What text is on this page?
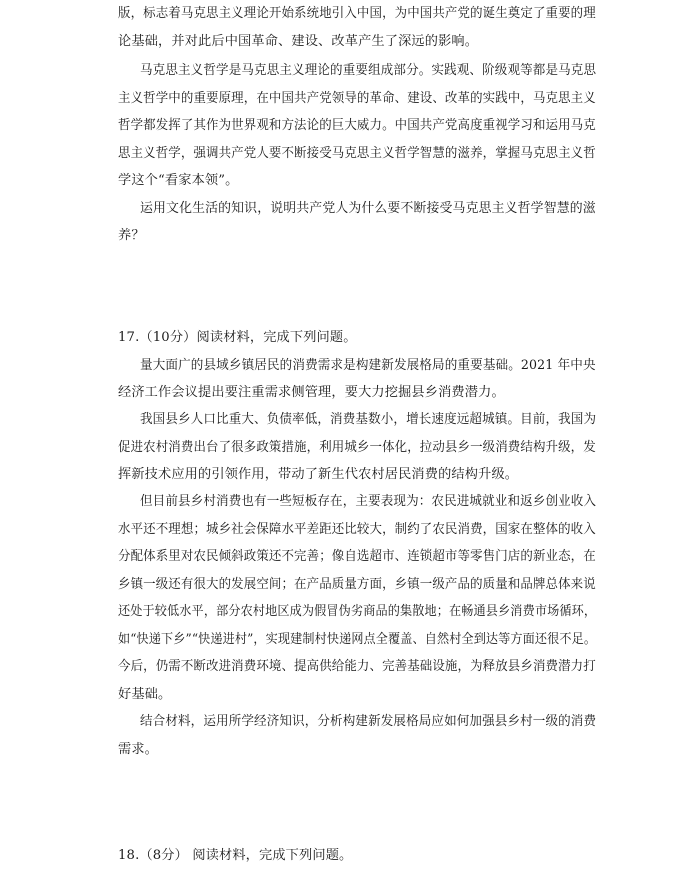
版，标志着马克思主义理论开始系统地引入中国，为中国共产党的诞生奠定了重要的理
论基础，并对此后中国革命、建设、改革产生了深远的影响。
马克思主义哲学是马克思主义理论的重要组成部分。实践观、阶级观等都是马克思
主义哲学中的重要原理，在中国共产党领导的革命、建设、改革的实践中，马克思主义
哲学都发挥了其作为世界观和方法论的巨大威力。中国共产党高度重视学习和运用马克
思主义哲学，强调共产党人要不断接受马克思主义哲学智慧的滋养，掌握马克思主义哲
学这个“看家本领”。
运用文化生活的知识，说明共产党人为什么要不断接受马克思主义哲学智慧的滋
养？
17.（10分）阅读材料，完成下列问题。
量大面广的县域乡镇居民的消费需求是构建新发展格局的重要基础。2021 年中央
经济工作会议提出要注重需求侧管理，要大力挖掘县乡消费潜力。
我国县乡人口比重大、负债率低，消费基数小，增长速度远超城镇。目前，我国为
促进农村消费出台了很多政策措施，利用城乡一体化，拉动县乡一级消费结构升级，发
挥新技术应用的引领作用，带动了新生代农村居民消费的结构升级。
但目前县乡村消费也有一些短板存在，主要表现为：农民进城就业和返乡创业收入
水平还不理想；城乡社会保障水平差距还比较大，制约了农民消费，国家在整体的收入
分配体系里对农民倾斜政策还不完善；像自选超市、连锁超市等零售门店的新业态，在
乡镇一级还有很大的发展空间；在产品质量方面，乡镇一级产品的质量和品牌总体来说
还处于较低水平，部分农村地区成为假冒伪劣商品的集散地；在畅通县乡消费市场循环，
如“快递下乡”“快递进村”，实现建制村快递网点全覆盖、自然村全到达等方面还很不足。
今后，仍需不断改进消费环境、提高供给能力、完善基础设施，为释放县乡消费潜力打
好基础。
结合材料，运用所学经济知识，分析构建新发展格局应如何加强县乡村一级的消费
需求。
18.（8分） 阅读材料，完成下列问题。
